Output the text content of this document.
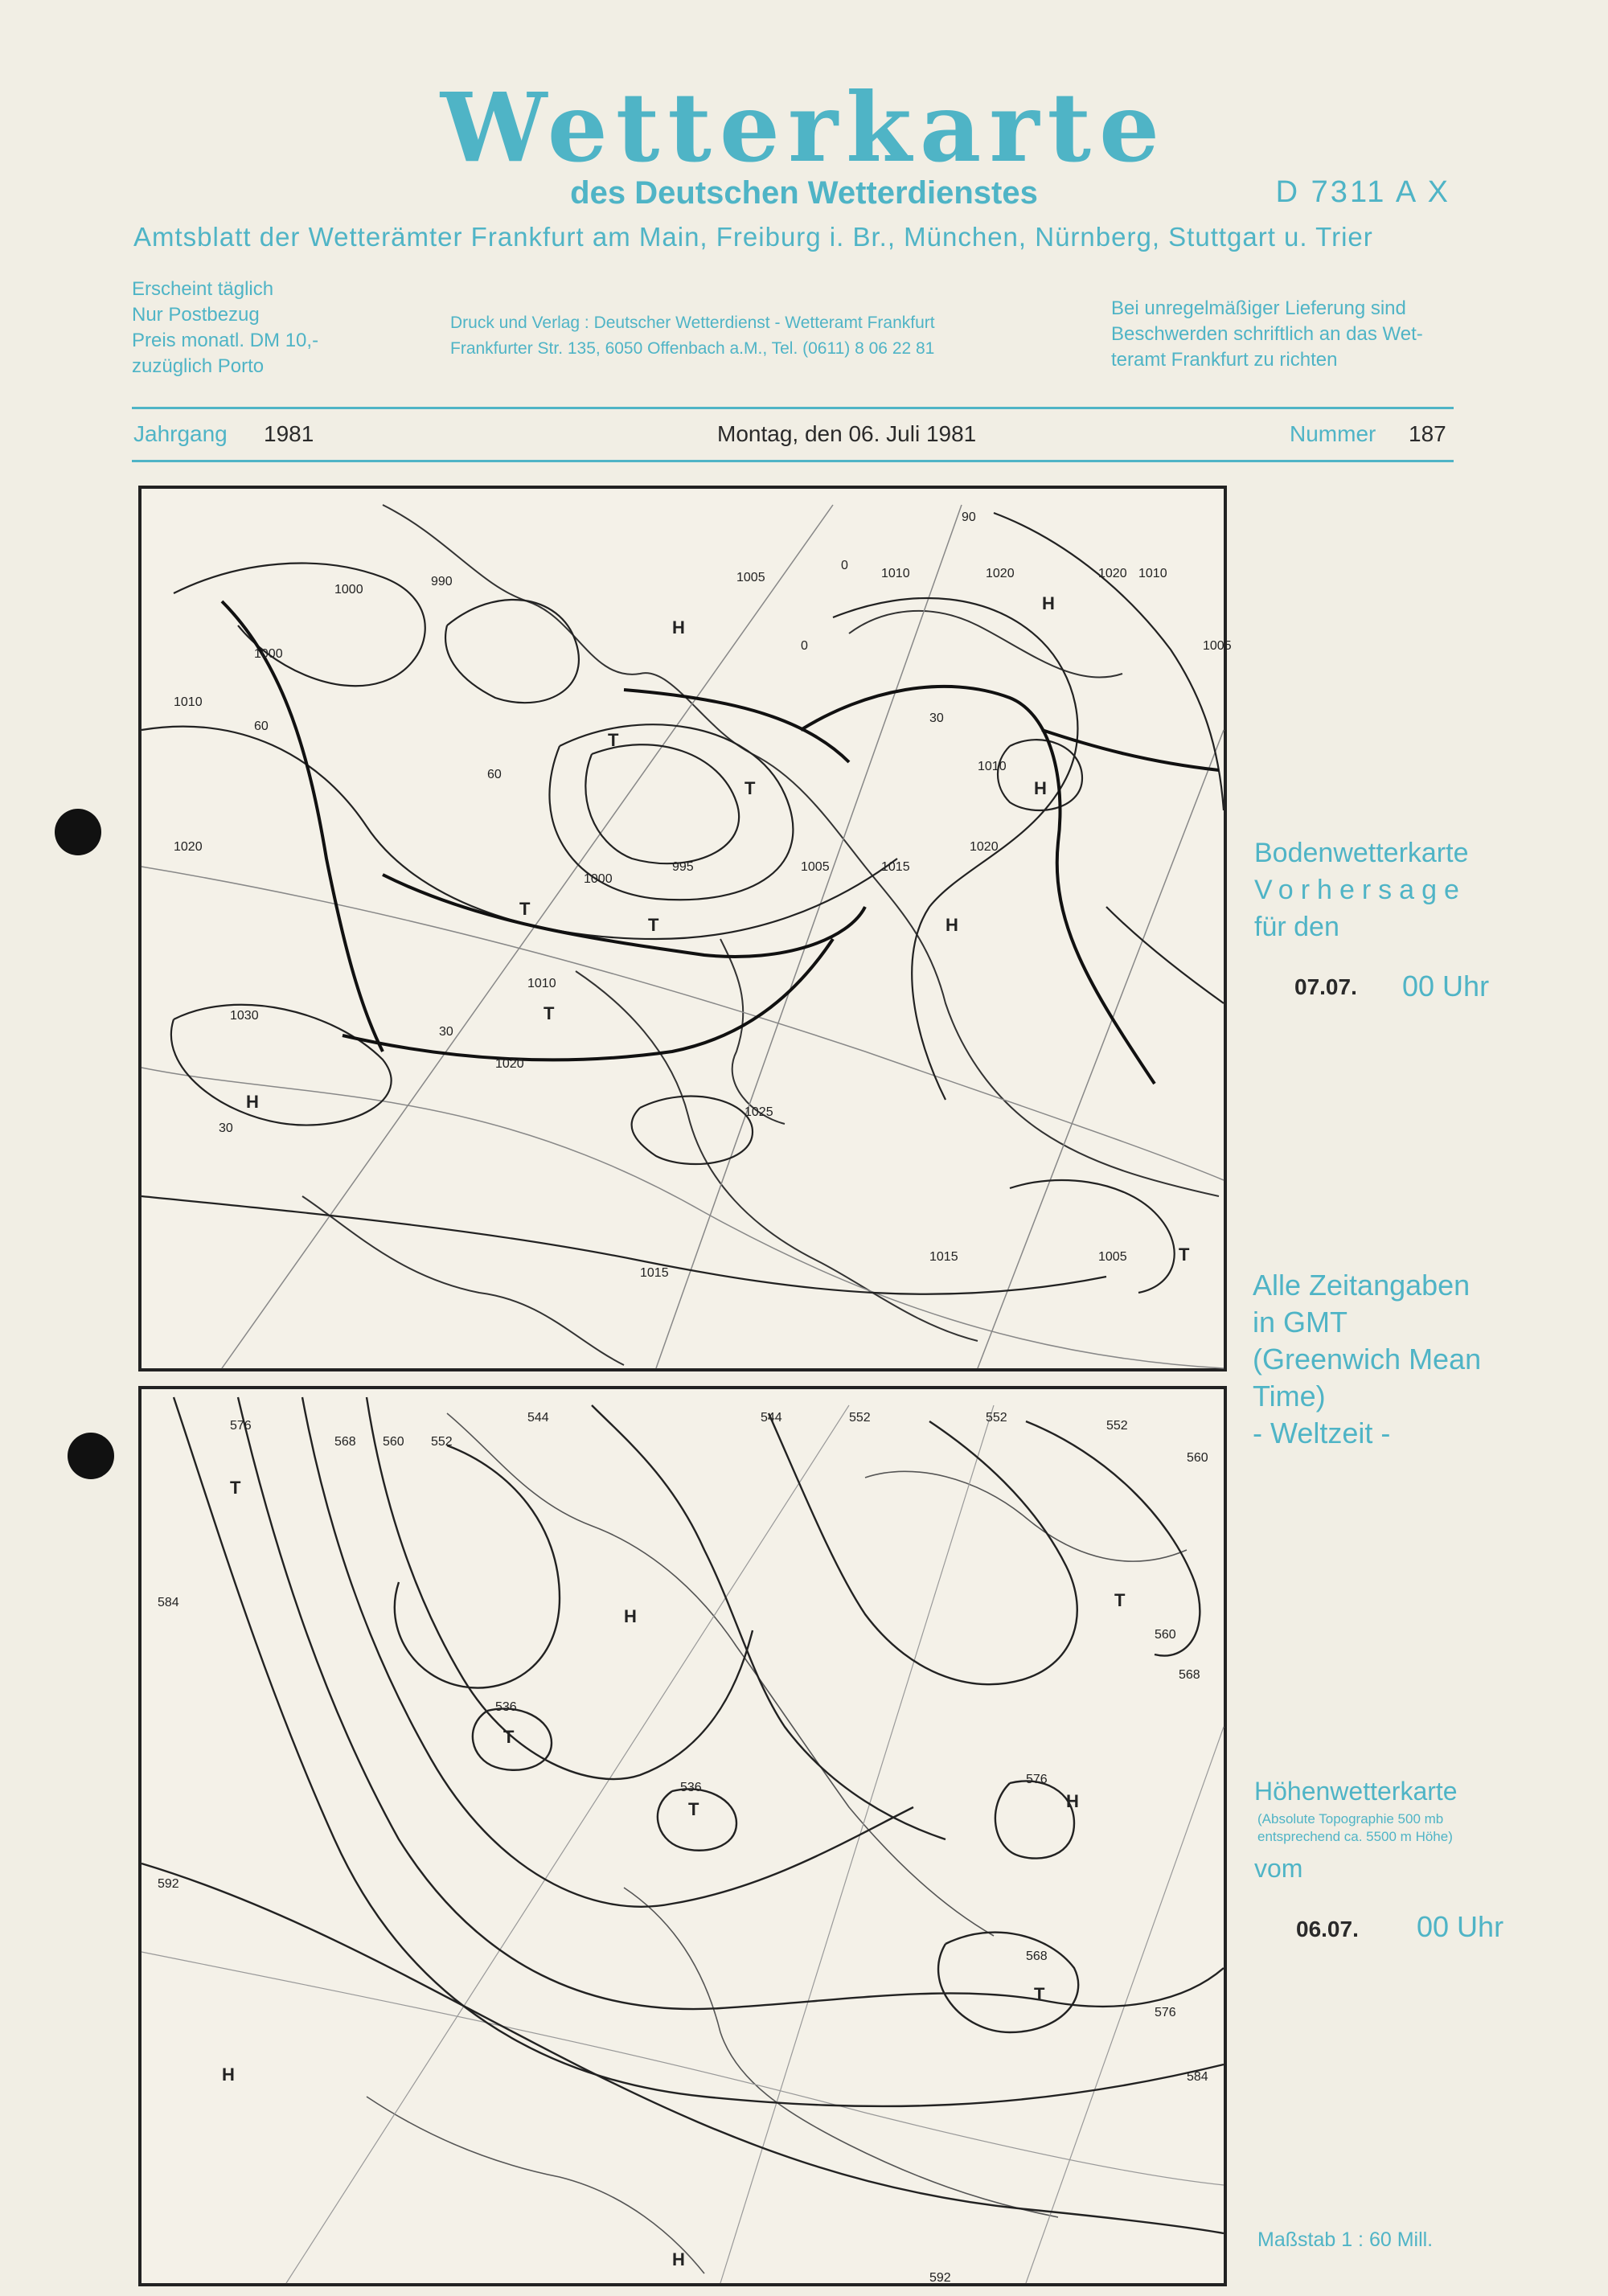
Wetterkarte
des Deutschen Wetterdienstes	D 7311 A X
Amtsblatt der Wetterämter Frankfurt am Main, Freiburg i. Br., München, Nürnberg, Stuttgart u. Trier
Erscheint täglich
Nur Postbezug
Preis monatl. DM 10,-
zuzüglich Porto
Druck und Verlag : Deutscher Wetterdienst - Wetteramt Frankfurt
Frankfurter Str. 135, 6050 Offenbach a.M., Tel. (0611) 8 06 22 81
Bei unregelmäßiger Lieferung sind
Beschwerden schriftlich an das Wet-
teramt Frankfurt zu richten
Jahrgang 1981	Montag, den 06. Juli 1981	Nummer 187
1000
990	1005	1010	1020	1020 1010
1005
1000
1010
1020
995	1005	1015
1020
1010
1000
1010
1020
1030
1025
1015
1015
1005
H
H
H
T
T
T
T
T
H
T
H
30
30
30
60
60
90
0
0
Bodenwetterkarte
Vorhersage
für den
07.07. 00 Uhr
Alle Zeitangaben
in GMT
(Greenwich Mean
Time)
- Weltzeit -
576
568 560 552
544	544	552	552
552
560
560
568
584
536
536
576
568
576
584
592
592
T
H
T
T
T
H
T
H
H
Höhenwetterkarte
(Absolute Topographie 500 mb
entsprechend ca. 5500 m Höhe)
vom
06.07. 00 Uhr
Maßstab 1 : 60 Mill.
